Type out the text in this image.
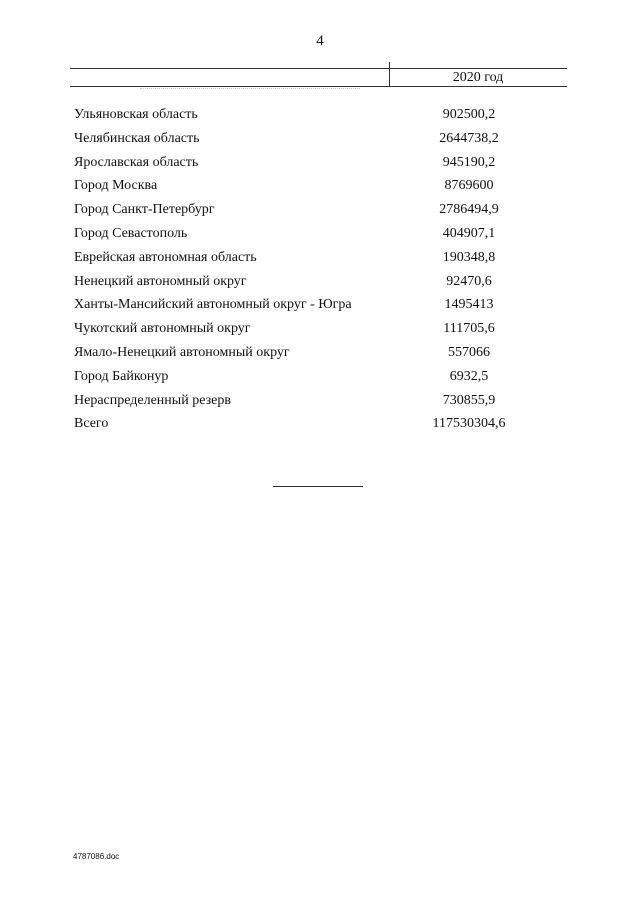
4
2020 год
Ульяновская область	902500,2
Челябинская область	2644738,2
Ярославская область	945190,2
Город Москва	8769600
Город Санкт-Петербург	2786494,9
Город Севастополь	404907,1
Еврейская автономная область	190348,8
Ненецкий автономный округ	92470,6
Ханты-Мансийский автономный округ - Югра	1495413
Чукотский автономный округ	111705,6
Ямало-Ненецкий автономный округ	557066
Город Байконур	6932,5
Нераспределенный резерв	730855,9
Всего	117530304,6
4787086.doc
